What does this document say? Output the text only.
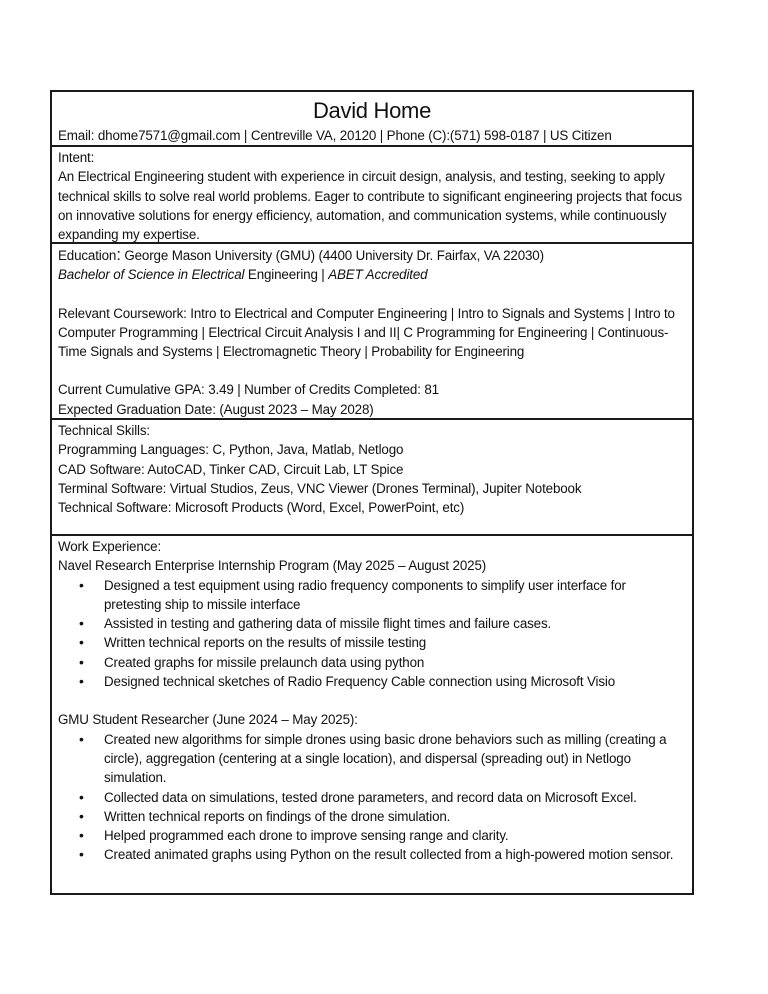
David Home
Email: dhome7571@gmail.com | Centreville VA, 20120 | Phone (C):(571) 598-0187 | US Citizen
Intent:
An Electrical Engineering student with experience in circuit design, analysis, and testing, seeking to apply technical skills to solve real world problems. Eager to contribute to significant engineering projects that focus on innovative solutions for energy efficiency, automation, and communication systems, while continuously expanding my expertise.
Education: George Mason University (GMU) (4400 University Dr. Fairfax, VA 22030)
Bachelor of Science in Electrical Engineering | ABET Accredited
Relevant Coursework: Intro to Electrical and Computer Engineering | Intro to Signals and Systems | Intro to Computer Programming | Electrical Circuit Analysis I and II| C Programming for Engineering | Continuous-Time Signals and Systems | Electromagnetic Theory | Probability for Engineering
Current Cumulative GPA: 3.49 | Number of Credits Completed: 81
Expected Graduation Date: (August 2023 – May 2028)
Technical Skills:
Programming Languages: C, Python, Java, Matlab, Netlogo
CAD Software: AutoCAD, Tinker CAD, Circuit Lab, LT Spice
Terminal Software: Virtual Studios, Zeus, VNC Viewer (Drones Terminal), Jupiter Notebook
Technical Software: Microsoft Products (Word, Excel, PowerPoint, etc)
Work Experience:
Navel Research Enterprise Internship Program (May 2025 – August 2025)
• Designed a test equipment using radio frequency components to simplify user interface for pretesting ship to missile interface
• Assisted in testing and gathering data of missile flight times and failure cases.
• Written technical reports on the results of missile testing
• Created graphs for missile prelaunch data using python
• Designed technical sketches of Radio Frequency Cable connection using Microsoft Visio
GMU Student Researcher (June 2024 – May 2025):
• Created new algorithms for simple drones using basic drone behaviors such as milling (creating a circle), aggregation (centering at a single location), and dispersal (spreading out) in Netlogo simulation.
• Collected data on simulations, tested drone parameters, and record data on Microsoft Excel.
• Written technical reports on findings of the drone simulation.
• Helped programmed each drone to improve sensing range and clarity.
• Created animated graphs using Python on the result collected from a high-powered motion sensor.
